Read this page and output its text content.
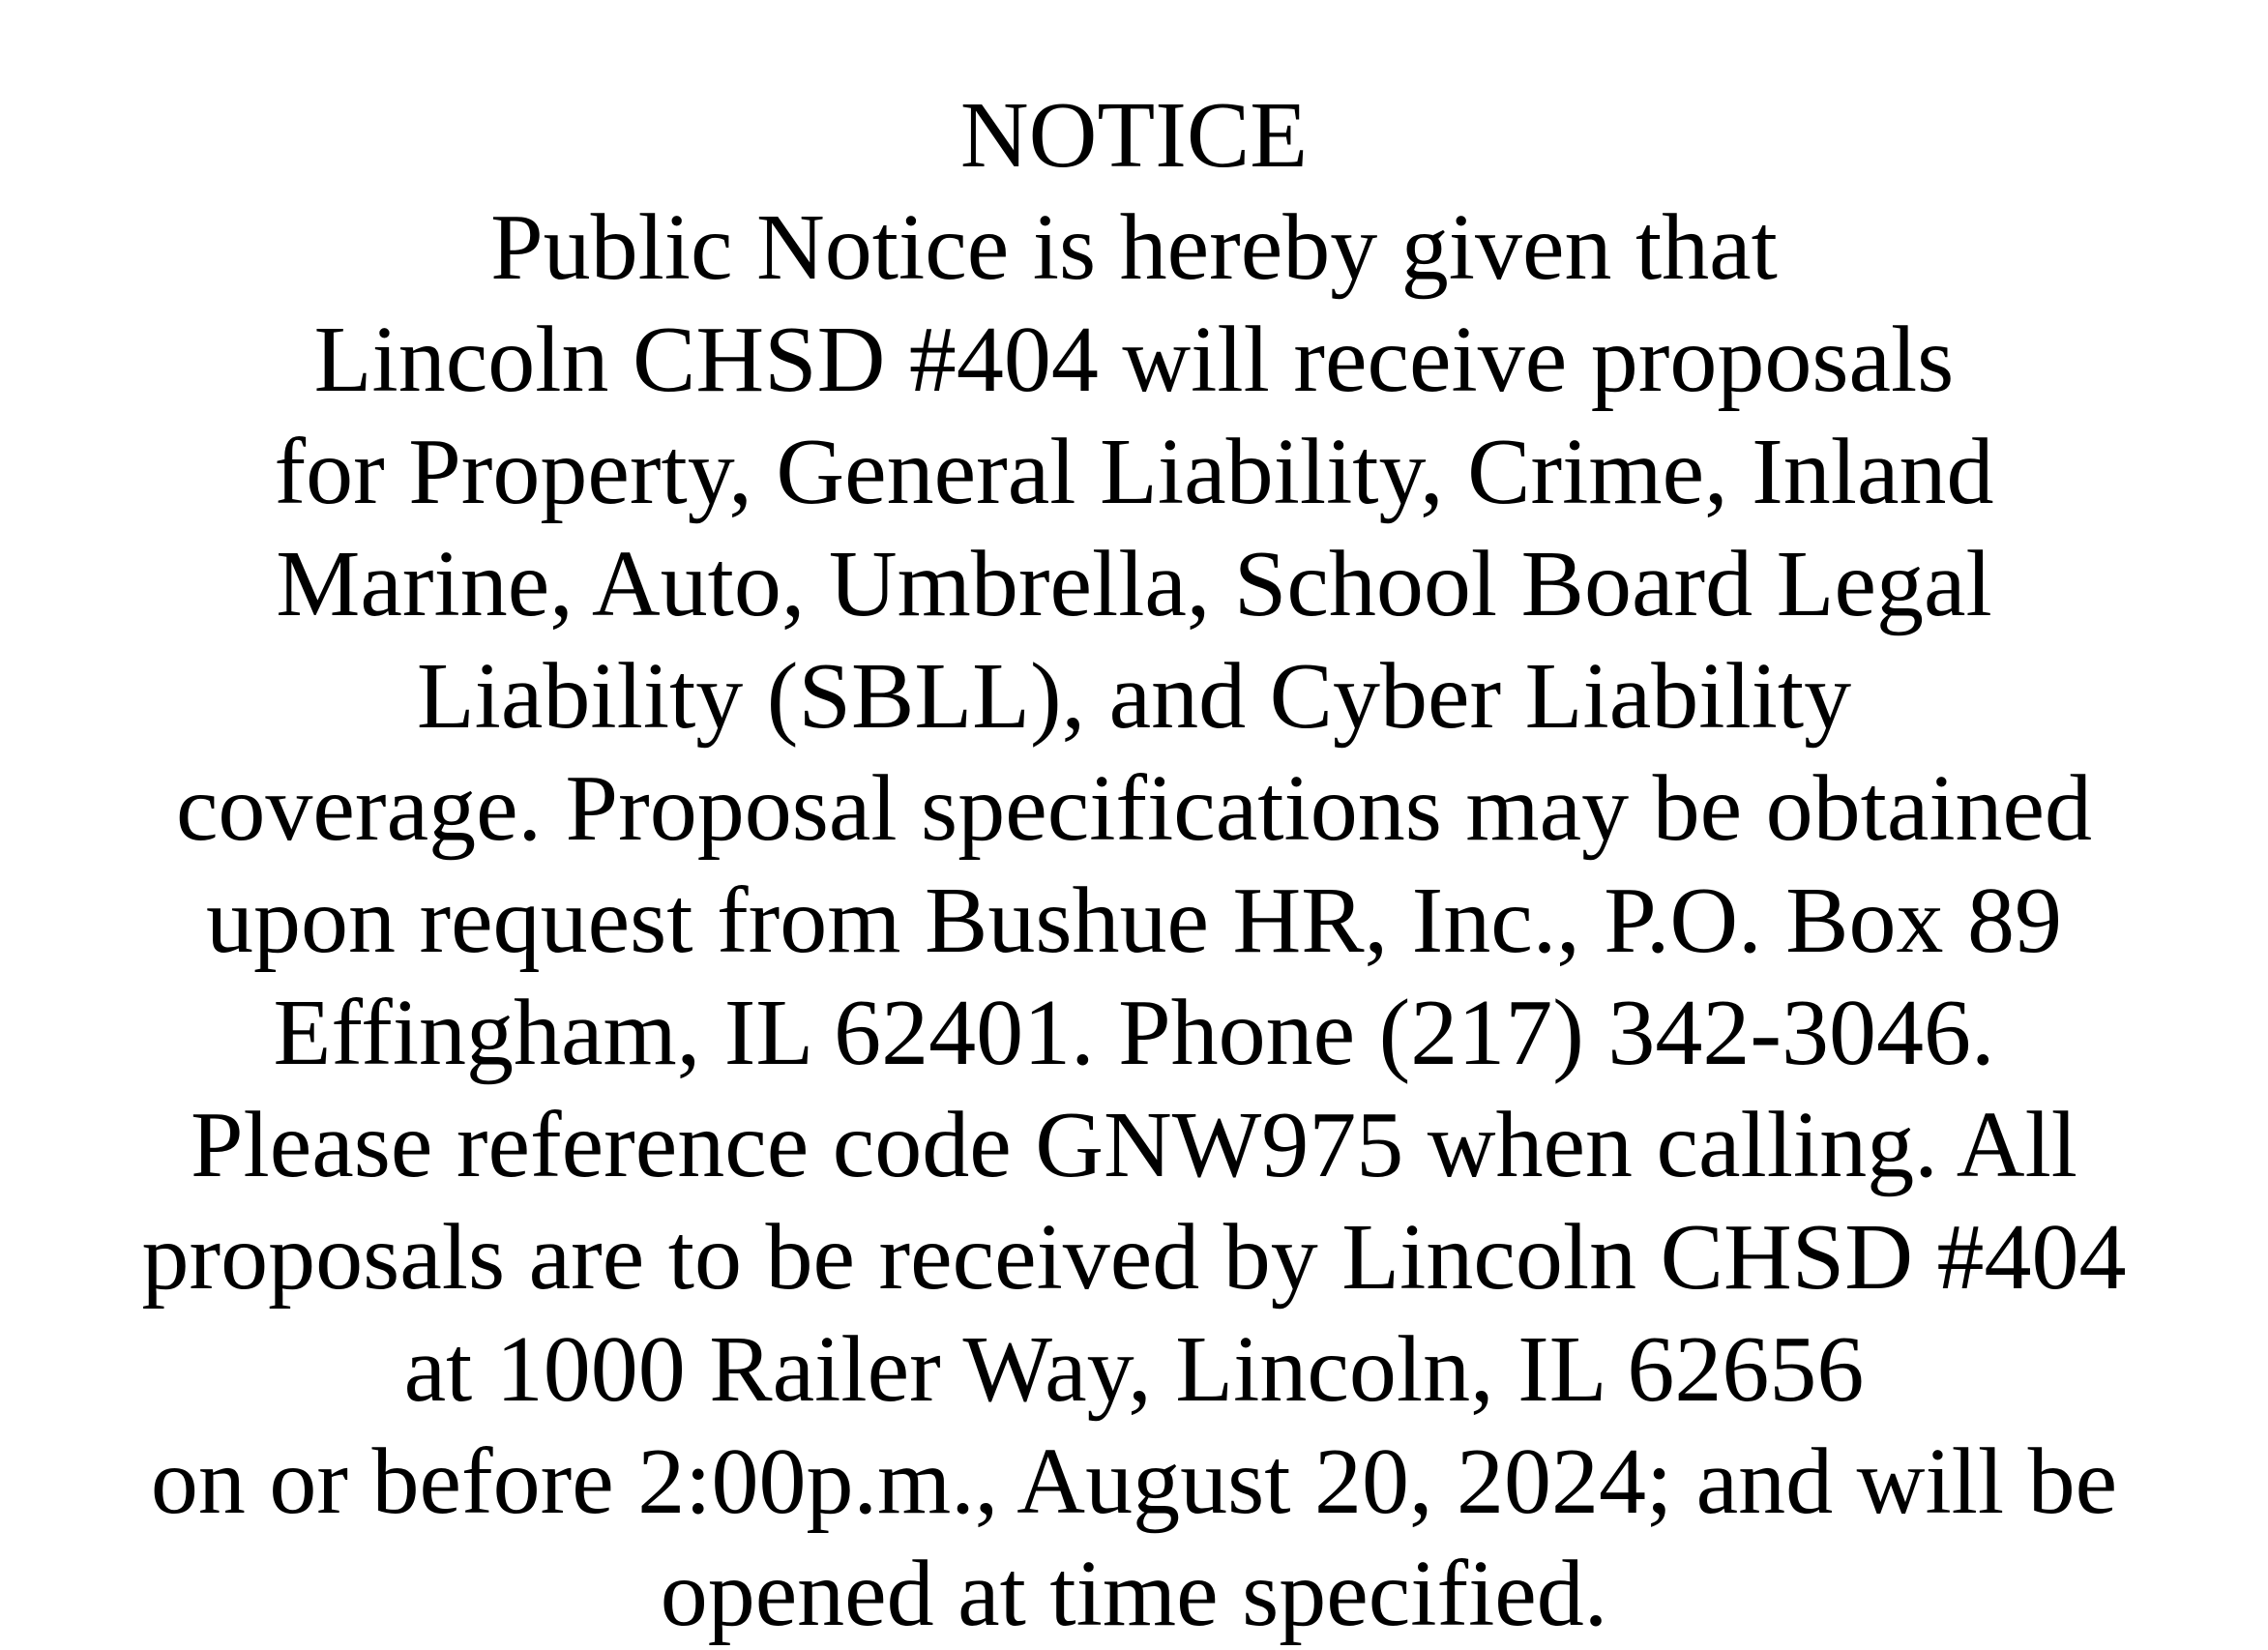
NOTICE
Public Notice is hereby given that
Lincoln CHSD #404 will receive proposals
for Property, General Liability, Crime, Inland
Marine, Auto, Umbrella, School Board Legal
Liability (SBLL), and Cyber Liability
coverage. Proposal specifications may be obtained
upon request from Bushue HR, Inc., P.O. Box 89
Effingham, IL 62401. Phone (217) 342-3046.
Please reference code GNW975 when calling. All
proposals are to be received by Lincoln CHSD #404
at 1000 Railer Way, Lincoln, IL 62656
on or before 2:00p.m., August 20, 2024; and will be
opened at time specified.
